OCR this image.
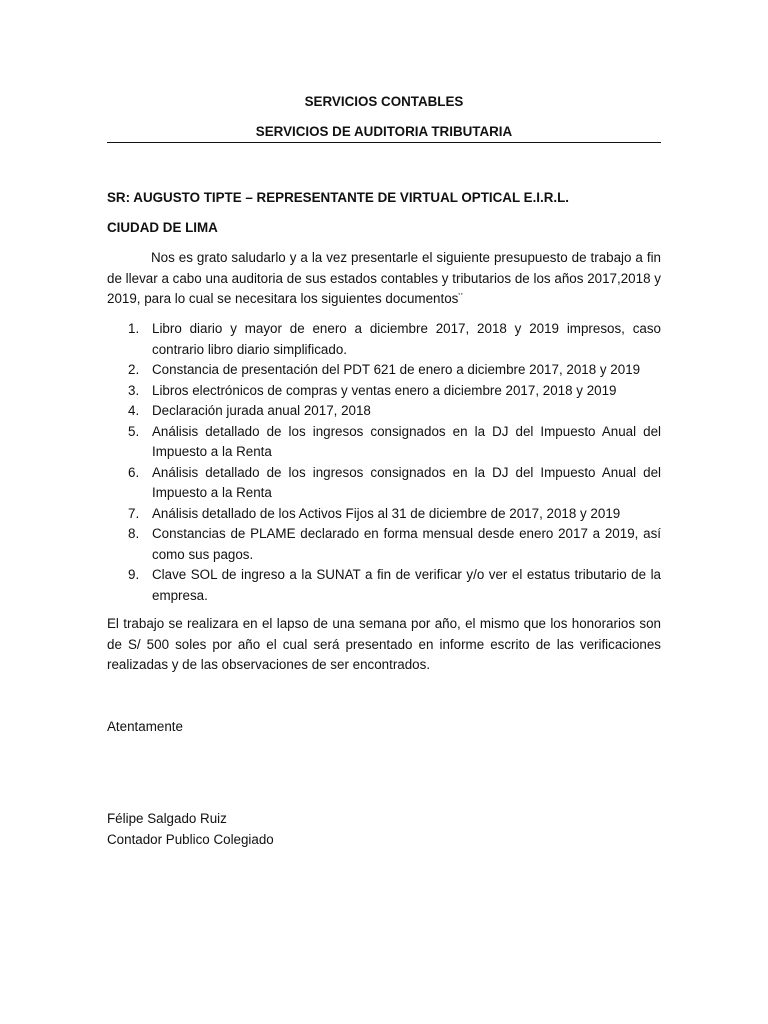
SERVICIOS CONTABLES
SERVICIOS DE AUDITORIA TRIBUTARIA
SR: AUGUSTO TIPTE – REPRESENTANTE DE VIRTUAL OPTICAL E.I.R.L.
CIUDAD DE LIMA

Nos es grato saludarlo y a la vez presentarle el siguiente presupuesto de trabajo a fin de llevar a cabo una auditoria de sus estados contables y tributarios de los años 2017,2018 y 2019, para lo cual se necesitara los siguientes documentos¨

1. Libro diario y mayor de enero a diciembre 2017, 2018 y 2019 impresos, caso contrario libro diario simplificado.
2. Constancia de presentación del PDT 621 de enero a diciembre 2017, 2018 y 2019
3. Libros electrónicos de compras y ventas enero a diciembre 2017, 2018 y 2019
4. Declaración jurada anual 2017, 2018
5. Análisis detallado de los ingresos consignados en la DJ del Impuesto Anual del Impuesto a la Renta
6. Análisis detallado de los ingresos consignados en la DJ del Impuesto Anual del Impuesto a la Renta
7. Análisis detallado de los Activos Fijos al 31 de diciembre de 2017, 2018 y 2019
8. Constancias de PLAME declarado en forma mensual desde enero 2017 a 2019, así como sus pagos.
9. Clave SOL de ingreso a la SUNAT a fin de verificar y/o ver el estatus tributario de la empresa.

El trabajo se realizara en el lapso de una semana por año, el mismo que los honorarios son de S/ 500 soles por año el cual será presentado en informe escrito de las verificaciones realizadas y de las observaciones de ser encontrados.

Atentamente
Félipe Salgado Ruiz
Contador Publico Colegiado
